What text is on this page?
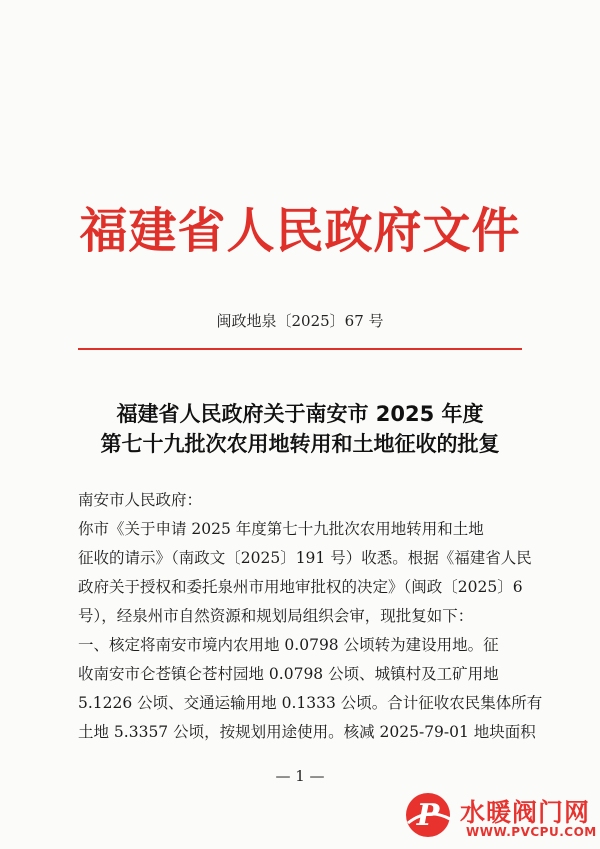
福建省人民政府文件
闽政地泉〔2025〕67 号
福建省人民政府关于南安市 2025 年度
第七十九批次农用地转用和土地征收的批复
南安市人民政府：
你市《关于申请 2025 年度第七十九批次农用地转用和土地
征收的请示》（南政文〔2025〕191 号）收悉。根据《福建省人民
政府关于授权和委托泉州市用地审批权的决定》（闽政〔2025〕6
号），经泉州市自然资源和规划局组织会审，现批复如下：
一、核定将南安市境内农用地 0.0798 公顷转为建设用地。征
收南安市仑苍镇仑苍村园地 0.0798 公顷、城镇村及工矿用地
5.1226 公顷、交通运输用地 0.1333 公顷。合计征收农民集体所有
土地 5.3357 公顷，按规划用途使用。核减 2025-79-01 地块面积
— 1 —
P 水暖阀门网
WWW.PVCPU.COM
